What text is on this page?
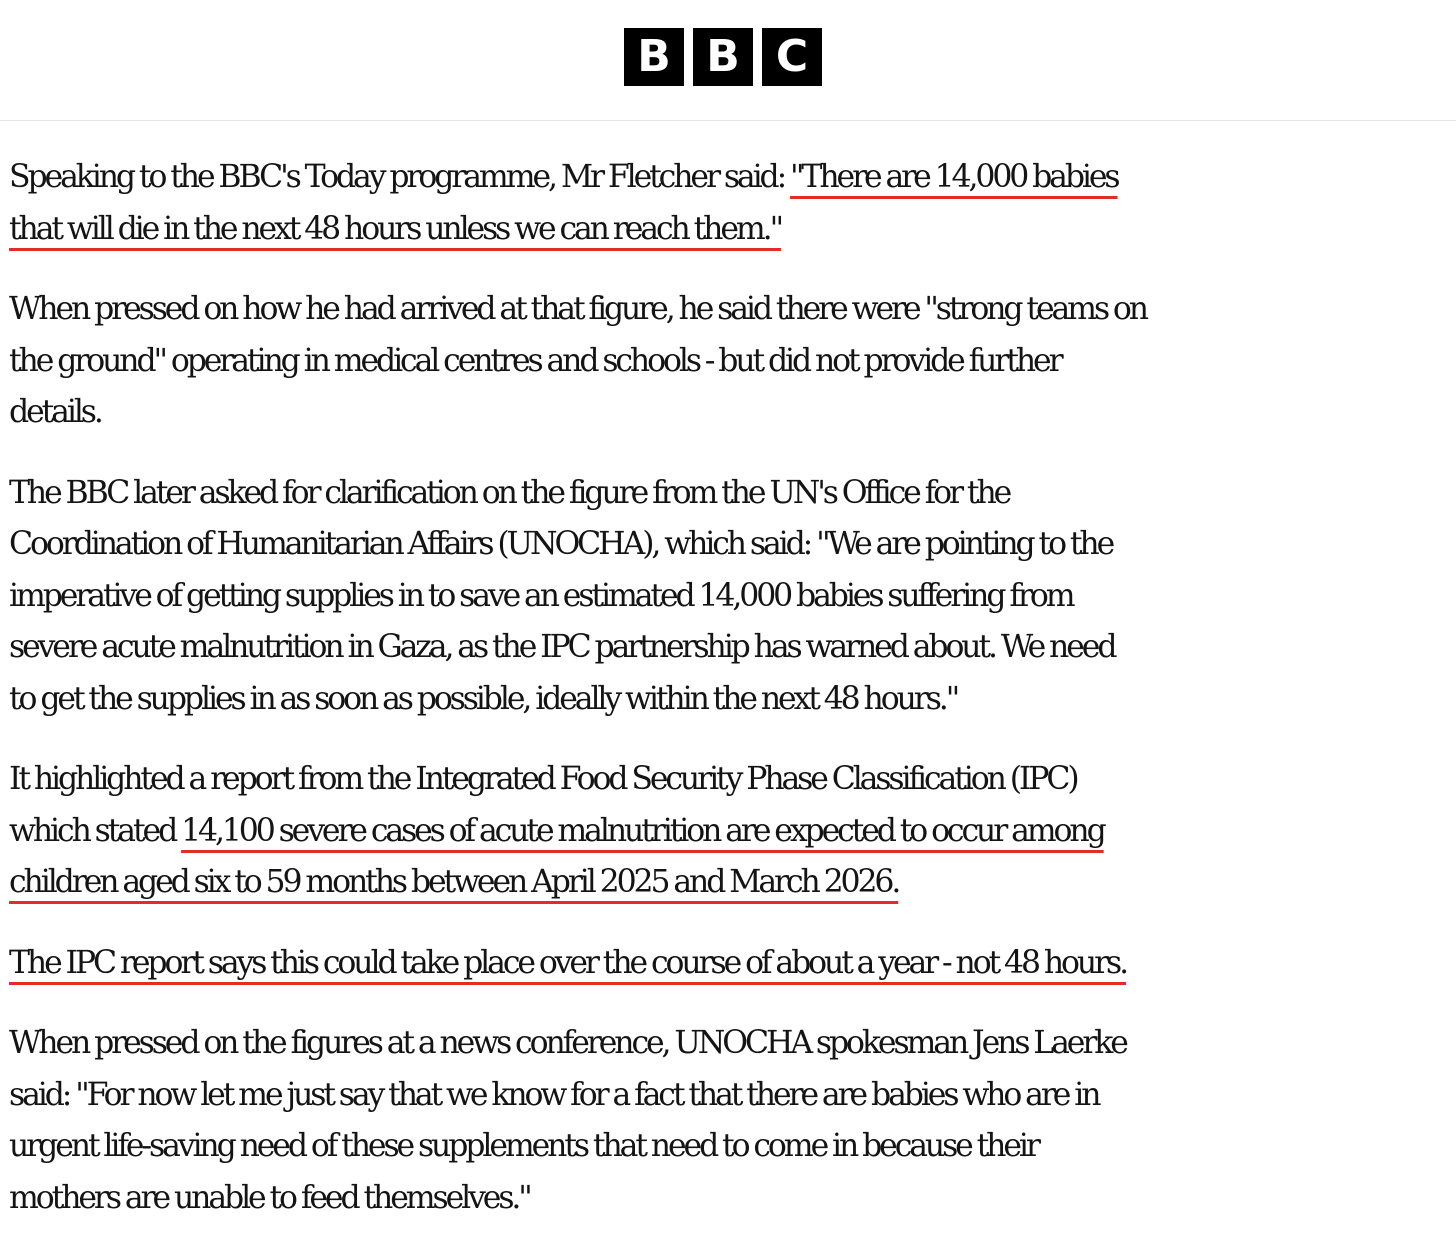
B B C

Speaking to the BBC's Today programme, Mr Fletcher said: "There are 14,000 babies
that will die in the next 48 hours unless we can reach them."

When pressed on how he had arrived at that figure, he said there were "strong teams on
the ground" operating in medical centres and schools - but did not provide further
details.

The BBC later asked for clarification on the figure from the UN's Office for the
Coordination of Humanitarian Affairs (UNOCHA), which said: "We are pointing to the
imperative of getting supplies in to save an estimated 14,000 babies suffering from
severe acute malnutrition in Gaza, as the IPC partnership has warned about. We need
to get the supplies in as soon as possible, ideally within the next 48 hours."

It highlighted a report from the Integrated Food Security Phase Classification (IPC)
which stated 14,100 severe cases of acute malnutrition are expected to occur among
children aged six to 59 months between April 2025 and March 2026.

The IPC report says this could take place over the course of about a year - not 48 hours.

When pressed on the figures at a news conference, UNOCHA spokesman Jens Laerke
said: "For now let me just say that we know for a fact that there are babies who are in
urgent life-saving need of these supplements that need to come in because their
mothers are unable to feed themselves."
